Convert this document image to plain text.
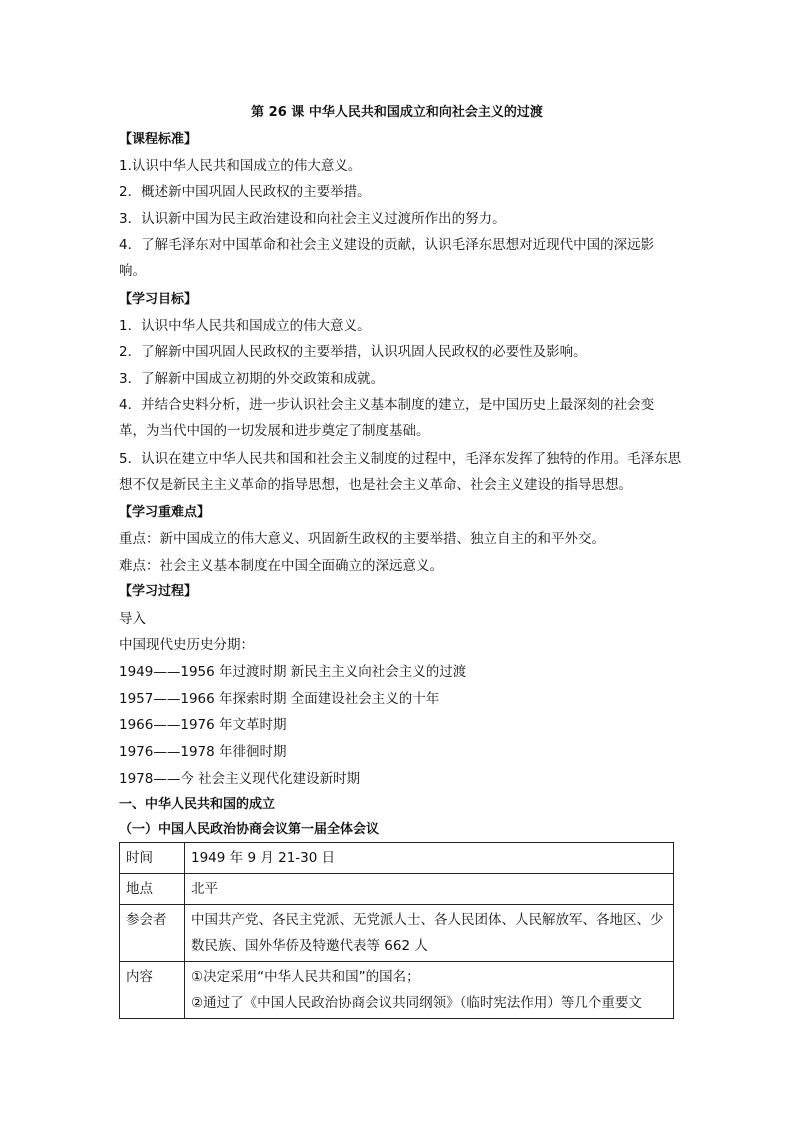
第 26 课 中华人民共和国成立和向社会主义的过渡
【课程标准】
1.认识中华人民共和国成立的伟大意义。
2．概述新中国巩固人民政权的主要举措。
3．认识新中国为民主政治建设和向社会主义过渡所作出的努力。
4．了解毛泽东对中国革命和社会主义建设的贡献，认识毛泽东思想对近现代中国的深远影响。
【学习目标】
1．认识中华人民共和国成立的伟大意义。
2．了解新中国巩固人民政权的主要举措，认识巩固人民政权的必要性及影响。
3．了解新中国成立初期的外交政策和成就。
4．并结合史料分析，进一步认识社会主义基本制度的建立，是中国历史上最深刻的社会变革，为当代中国的一切发展和进步奠定了制度基础。
5．认识在建立中华人民共和国和社会主义制度的过程中，毛泽东发挥了独特的作用。毛泽东思想不仅是新民主主义革命的指导思想，也是社会主义革命、社会主义建设的指导思想。
【学习重难点】
重点：新中国成立的伟大意义、巩固新生政权的主要举措、独立自主的和平外交。
难点：社会主义基本制度在中国全面确立的深远意义。
【学习过程】
导入
中国现代史历史分期：
1949——1956 年过渡时期 新民主主义向社会主义的过渡
1957——1966 年探索时期 全面建设社会主义的十年
1966——1976 年文革时期
1976——1978 年徘徊时期
1978——今 社会主义现代化建设新时期
一、中华人民共和国的成立
（一）中国人民政治协商会议第一届全体会议
时间	1949 年 9 月 21-30 日
地点	北平
参会者	中国共产党、各民主党派、无党派人士、各人民团体、人民解放军、各地区、少数民族、国外华侨及特邀代表等 662 人
内容	①决定采用“中华人民共和国”的国名；
②通过了《中国人民政治协商会议共同纲领》（临时宪法作用）等几个重要文
